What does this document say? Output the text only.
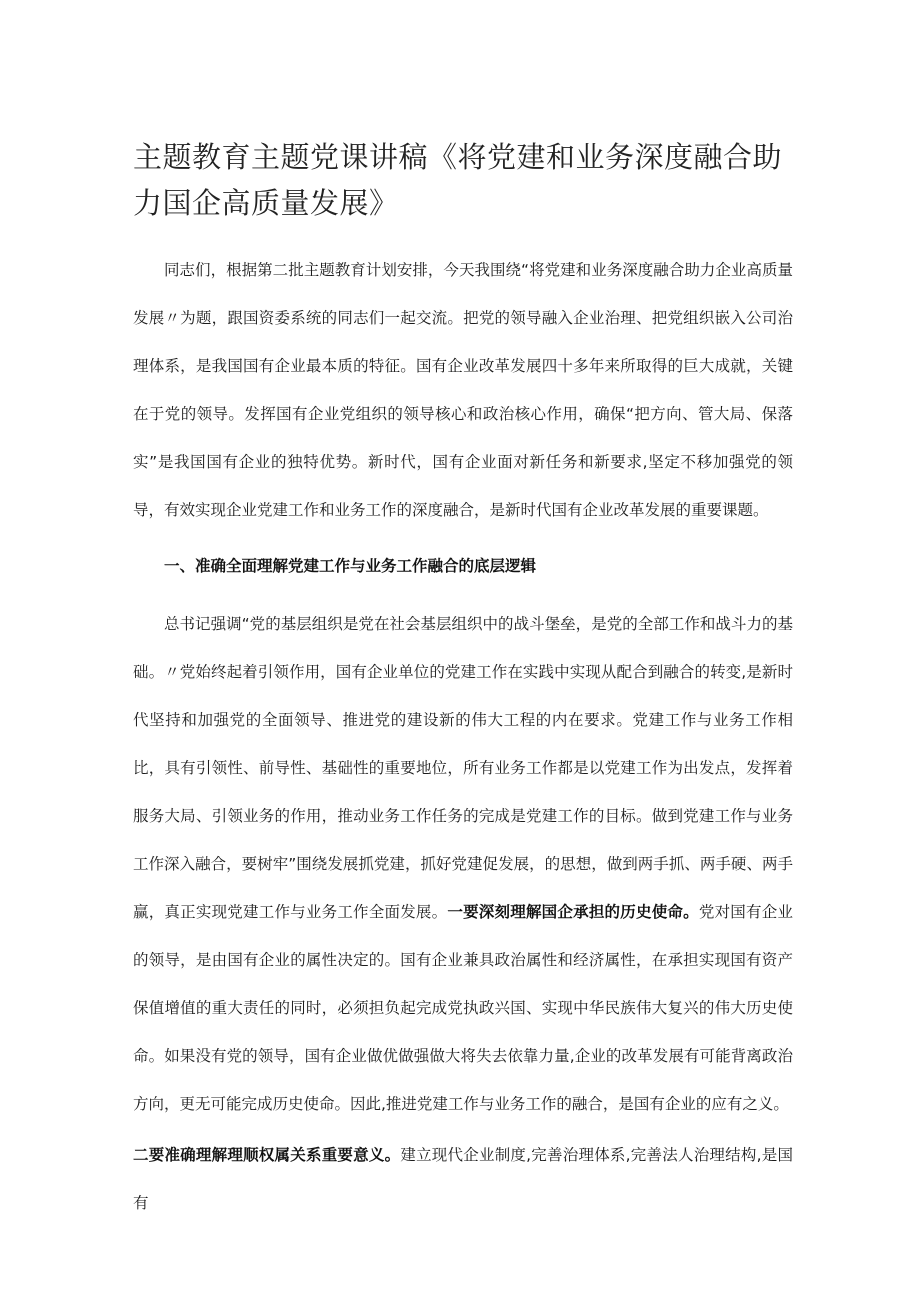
主题教育主题党课讲稿《将党建和业务深度融合助力国企高质量发展》

同志们，根据第二批主题教育计划安排，今天我围绕“将党建和业务深度融合助力企业高质量发展〃为题，跟国资委系统的同志们一起交流。把党的领导融入企业治理、把党组织嵌入公司治理体系，是我国国有企业最本质的特征。国有企业改革发展四十多年来所取得的巨大成就，关键在于党的领导。发挥国有企业党组织的领导核心和政治核心作用，确保“把方向、管大局、保落实”是我国国有企业的独特优势。新时代，国有企业面对新任务和新要求,坚定不移加强党的领导，有效实现企业党建工作和业务工作的深度融合，是新时代国有企业改革发展的重要课题。

一、准确全面理解党建工作与业务工作融合的底层逻辑

总书记强调“党的基层组织是党在社会基层组织中的战斗堡垒，是党的全部工作和战斗力的基础。〃党始终起着引领作用，国有企业单位的党建工作在实践中实现从配合到融合的转变,是新时代坚持和加强党的全面领导、推进党的建设新的伟大工程的内在要求。党建工作与业务工作相比，具有引领性、前导性、基础性的重要地位，所有业务工作都是以党建工作为出发点，发挥着服务大局、引领业务的作用，推动业务工作任务的完成是党建工作的目标。做到党建工作与业务工作深入融合，要树牢”围绕发展抓党建，抓好党建促发展，的思想，做到两手抓、两手硬、两手赢，真正实现党建工作与业务工作全面发展。一要深刻理解国企承担的历史使命。党对国有企业的领导，是由国有企业的属性决定的。国有企业兼具政治属性和经济属性，在承担实现国有资产保值增值的重大责任的同时，必须担负起完成党执政兴国、实现中华民族伟大复兴的伟大历史使命。如果没有党的领导，国有企业做优做强做大将失去依靠力量,企业的改革发展有可能背离政治方向，更无可能完成历史使命。因此,推进党建工作与业务工作的融合，是国有企业的应有之义。

二要准确理解理顺权属关系重要意义。建立现代企业制度,完善治理体系,完善法人治理结构,是国有
